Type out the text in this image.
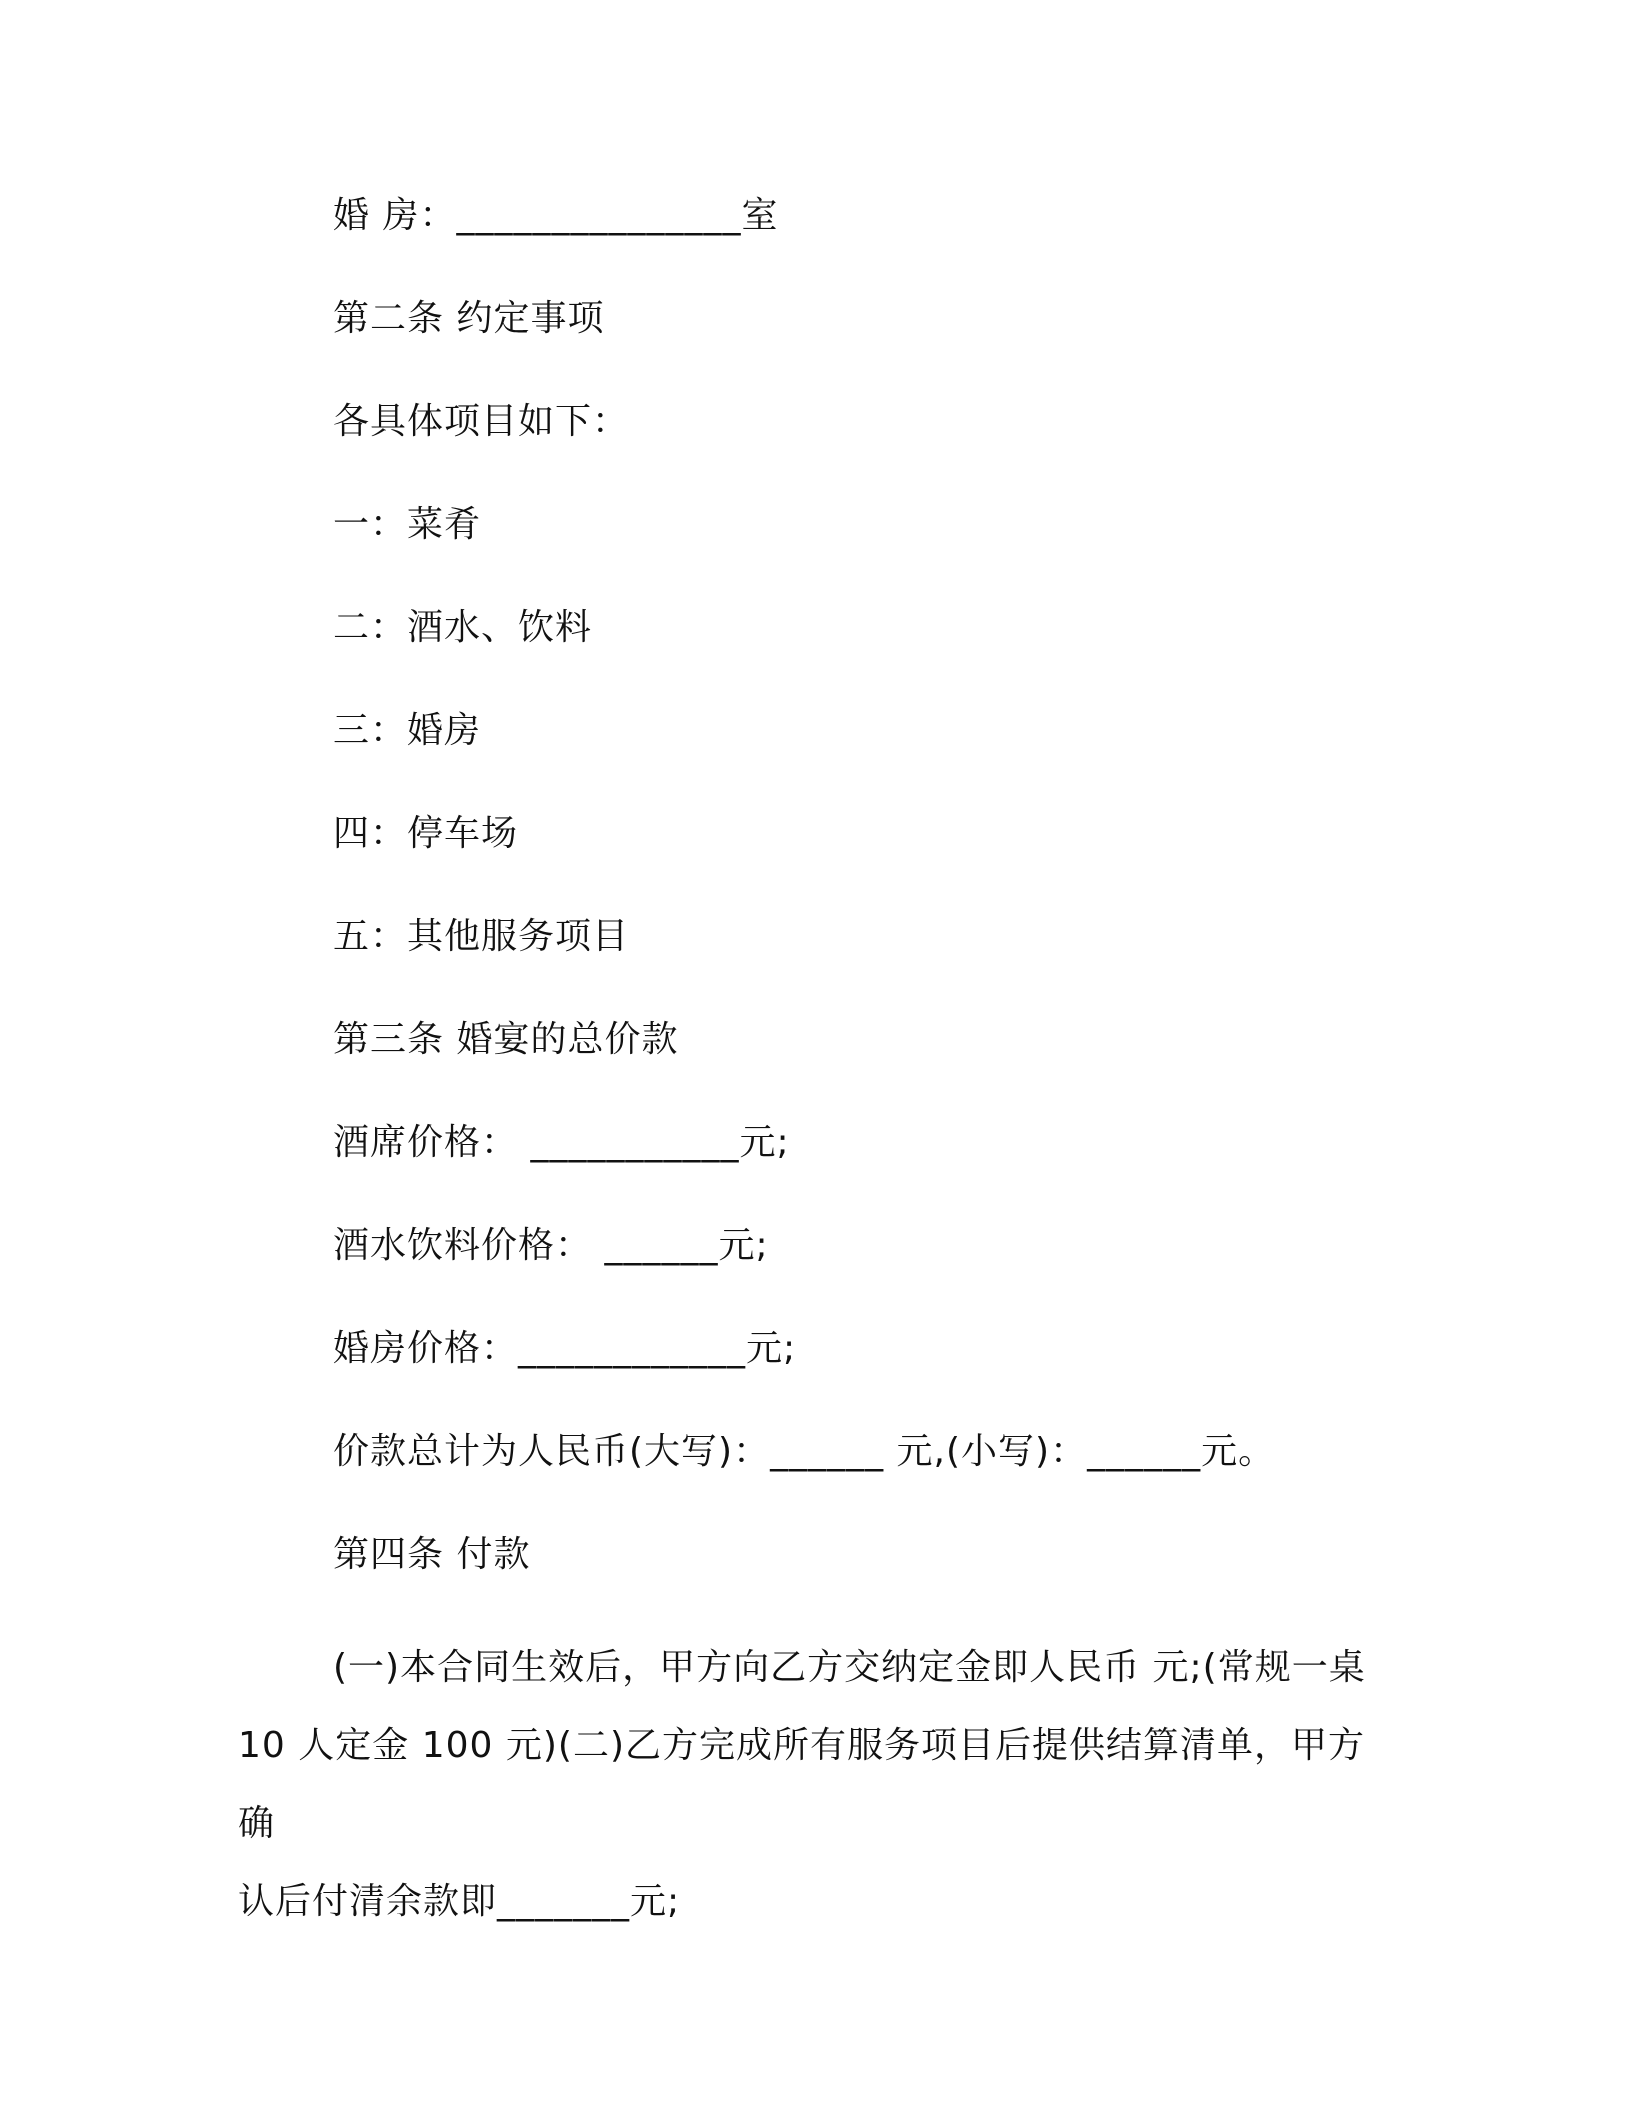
婚 房：_______________室
第二条 约定事项
各具体项目如下：
一：菜肴
二：酒水、饮料
三：婚房
四：停车场
五：其他服务项目
第三条 婚宴的总价款
酒席价格： ___________元;
酒水饮料价格： ______元;
婚房价格：____________元;
价款总计为人民币(大写)：______ 元,(小写)：______元。
第四条 付款
(一)本合同生效后，甲方向乙方交纳定金即人民币 元;(常规一桌
10 人定金 100 元)(二)乙方完成所有服务项目后提供结算清单，甲方确
认后付清余款即_______元;
